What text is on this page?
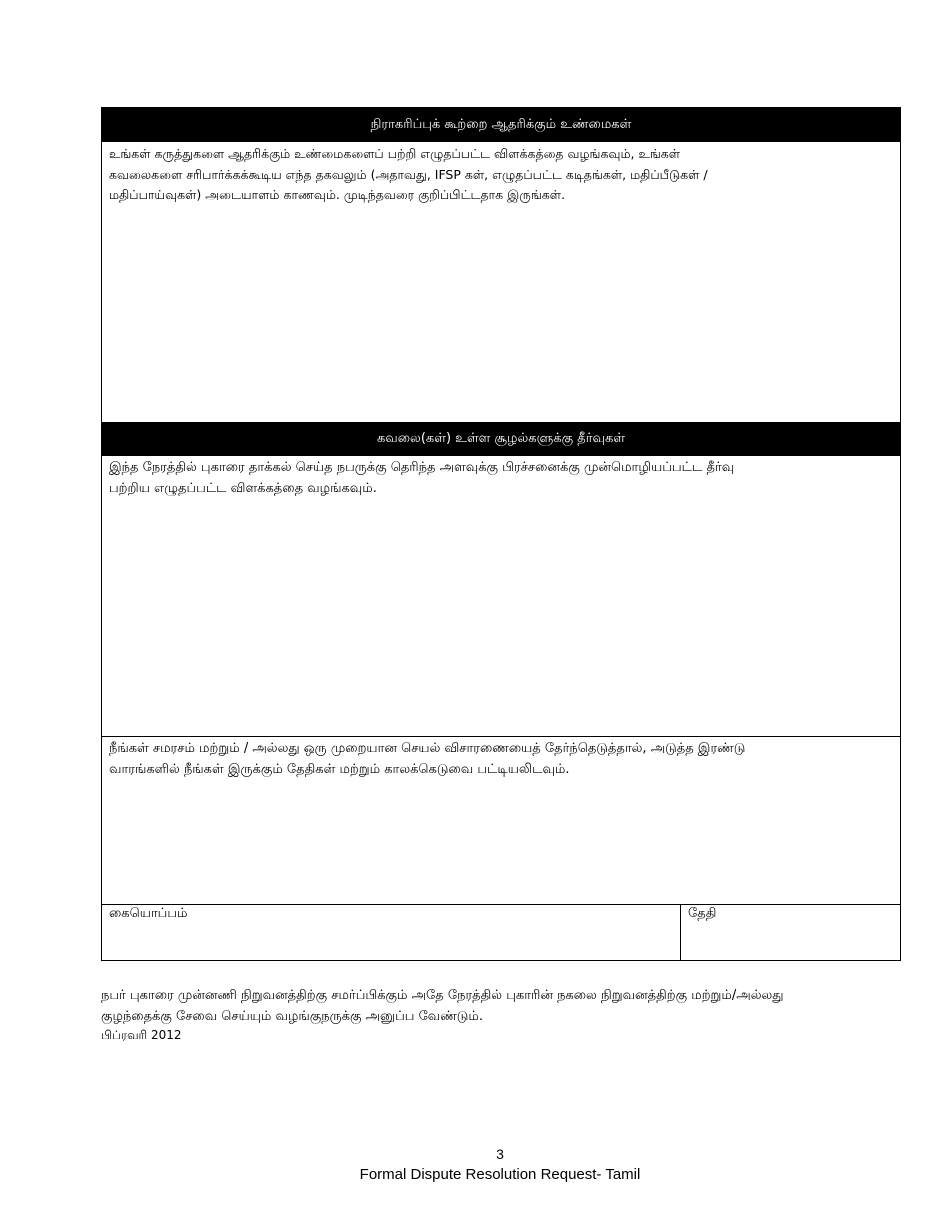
நிராகரிப்புக் கூற்றை ஆதரிக்கும் உண்மைகள்
உங்கள் கருத்துகளை ஆதரிக்கும் உண்மைகளைப் பற்றி எழுதப்பட்ட விளக்கத்தை வழங்கவும், உங்கள்
கவலைகளை சரிபார்க்கக்கூடிய எந்த தகவலும் (அதாவது, IFSP கள், எழுதப்பட்ட கடிதங்கள், மதிப்பீடுகள் /
மதிப்பாய்வுகள்) அடையாளம் காணவும். முடிந்தவரை குறிப்பிட்டதாக இருங்கள்.
கவலை(கள்) உள்ள சூழல்களுக்கு தீர்வுகள்
இந்த நேரத்தில் புகாரை தாக்கல் செய்த நபருக்கு தெரிந்த அளவுக்கு பிரச்சனைக்கு முன்மொழியப்பட்ட தீர்வு
பற்றிய எழுதப்பட்ட விளக்கத்தை வழங்கவும்.
நீங்கள் சமரசம் மற்றும் / அல்லது ஒரு முறையான செயல் விசாரணையைத் தேர்ந்தெடுத்தால், அடுத்த இரண்டு
வாரங்களில் நீங்கள் இருக்கும் தேதிகள் மற்றும் காலக்கெடுவை பட்டியலிடவும்.
கையொப்பம்	தேதி
நபர் புகாரை முன்னணி நிறுவனத்திற்கு சமர்ப்பிக்கும் அதே நேரத்தில் புகாரின் நகலை நிறுவனத்திற்கு மற்றும்/அல்லது
குழந்தைக்கு சேவை செய்யும் வழங்குநருக்கு அனுப்ப வேண்டும்.
பிப்ரவரி 2012
3
Formal Dispute Resolution Request- Tamil
